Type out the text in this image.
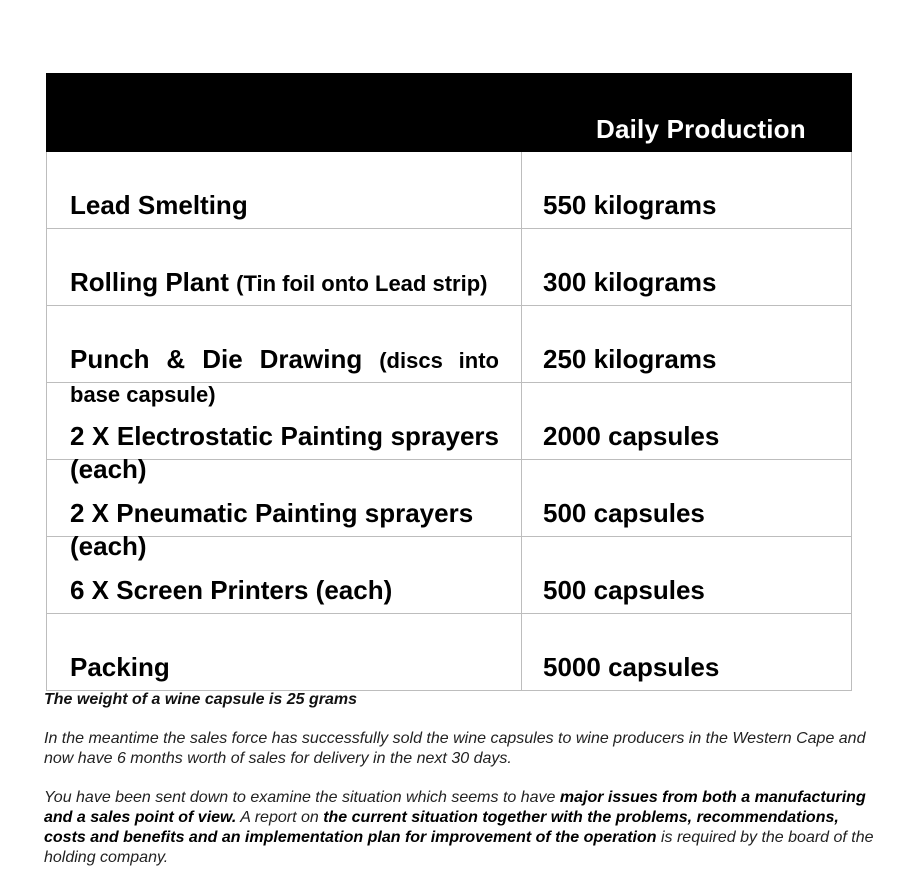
	Daily Production

Lead Smelting	550 kilograms

Rolling Plant (Tin foil onto Lead strip)	300 kilograms

Punch & Die Drawing (discs into base capsule)	250 kilograms

2 X Electrostatic Painting sprayers (each)	2000 capsules

2 X Pneumatic Painting sprayers (each)	500 capsules

6 X Screen Printers (each)	500 capsules

Packing	5000 capsules

The weight of a wine capsule is 25 grams

In the meantime the sales force has successfully sold the wine capsules to wine producers in the Western Cape and now have 6 months worth of sales for delivery in the next 30 days.

You have been sent down to examine the situation which seems to have major issues from both a manufacturing and a sales point of view. A report on the current situation together with the problems, recommendations, costs and benefits and an implementation plan for improvement of the operation is required by the board of the holding company.
